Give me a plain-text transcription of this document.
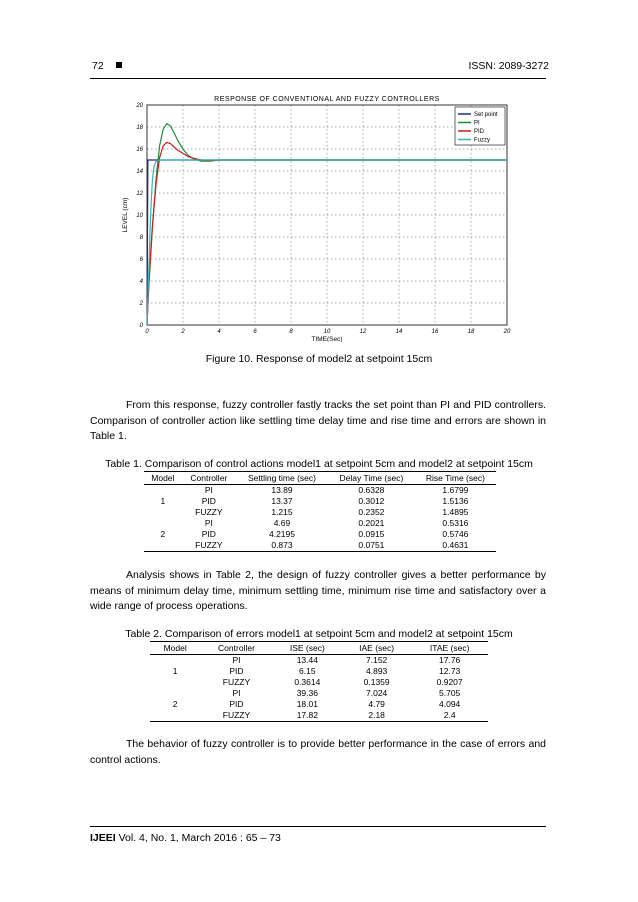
72	ISSN: 2089-3272
0	2	4	6	8	10	12	14	16	18	20
0
2
4
6
8
10
12
14
16
18
20
RESPONSE OF CONVENTIONAL AND FUZZY CONTROLLERS
TIME(Sec)
LEVEL (cm)
Set point
PI
PID
Fuzzy
Figure 10. Response of model2 at setpoint 15cm
From this response, fuzzy controller fastly tracks the set point than PI and PID controllers. Comparison of controller action like settling time delay time and rise time and errors are shown in Table 1.
Table 1. Comparison of control actions model1 at setpoint 5cm and model2 at setpoint 15cm
Model	Controller	Settling time (sec)	Delay Time (sec)	Rise Time (sec)
	PI	13.89	0.6328	1.6799
1	PID	13.37	0.3012	1.5136
	FUZZY	1.215	0.2352	1.4895
	PI	4.69	0.2021	0.5316
2	PID	4.2195	0.0915	0.5746
	FUZZY	0.873	0.0751	0.4631
Analysis shows in Table 2, the design of fuzzy controller gives a better performance by means of minimum delay time, minimum settling time, minimum rise time and satisfactory over a wide range of process operations.
Table 2. Comparison of errors model1 at setpoint 5cm and model2 at setpoint 15cm
Model	Controller	ISE (sec)	IAE (sec)	ITAE (sec)
	PI	13.44	7.152	17.76
1	PID	6.15	4.893	12.73
	FUZZY	0.3614	0.1359	0.9207
	PI	39.36	7.024	5.705
2	PID	18.01	4.79	4.094
	FUZZY	17.82	2.18	2.4
The behavior of fuzzy controller is to provide better performance in the case of errors and control actions.
IJEEI Vol. 4, No. 1, March 2016 : 65 – 73
